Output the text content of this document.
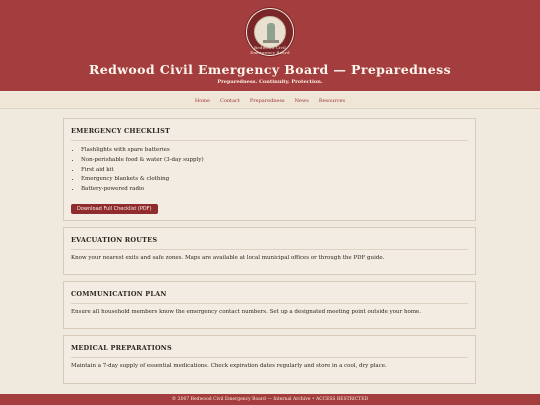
Redwood Civil Emergency Board
Redwood Civil Emergency Board — Preparedness
Preparedness. Continuity. Protection.
Home Contact Preparedness News Resources
EMERGENCY CHECKLIST
• Flashlights with spare batteries
• Non-perishable food & water (3-day supply)
• First aid kit
• Emergency blankets & clothing
• Battery-powered radio
Download Full Checklist (PDF)
EVACUATION ROUTES

Know your nearest exits and safe zones. Maps are available at local municipal offices or through the PDF guide.

COMMUNICATION PLAN

Ensure all household members know the emergency contact numbers. Set up a designated meeting point outside your home.

MEDICAL PREPARATIONS

Maintain a 7-day supply of essential medications. Check expiration dates regularly and store in a cool, dry place.

© 2007 Redwood Civil Emergency Board — Internal Archive • ACCESS RESTRICTED
